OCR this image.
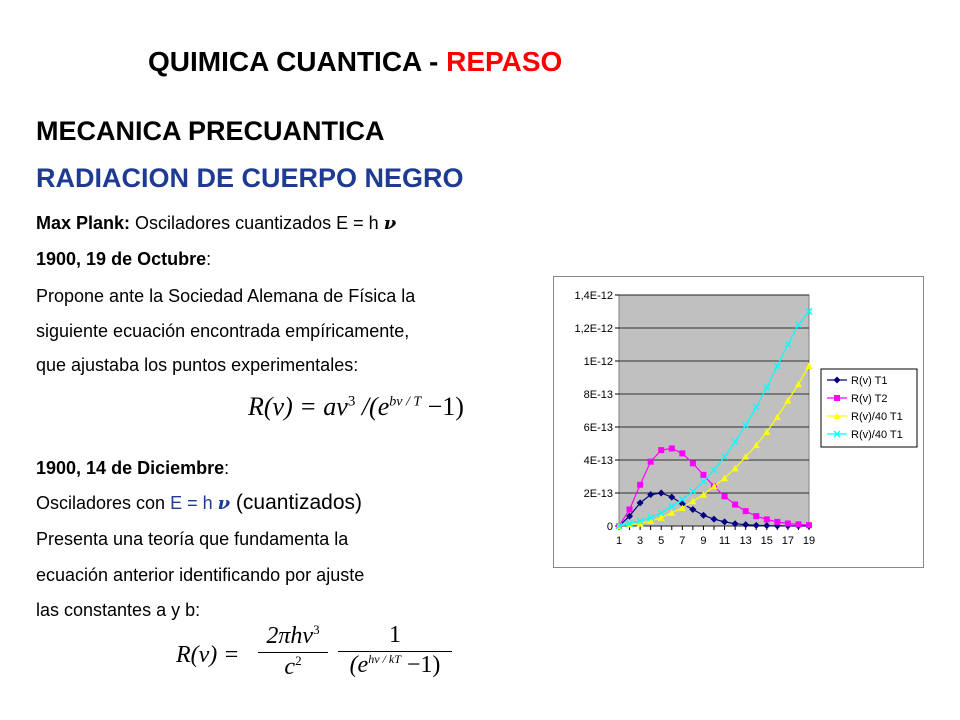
QUIMICA CUANTICA - REPASO
MECANICA PRECUANTICA
RADIACION DE CUERPO NEGRO
Max Plank: Osciladores cuantizados E = h ν
1900, 19 de Octubre:
Propone ante la Sociedad Alemana de Física la
siguiente ecuación encontrada empíricamente,
que ajustaba los puntos experimentales:
$R(\nu) = a\nu^3$ $/(e^{b\nu / T} -1)$
1900, 14 de Diciembre:
Osciladores con E = h ν (cuantizados)
Presenta una teoría que fundamenta la
ecuación anterior identificando por ajuste
las constantes a y b:
R(ν) =
2πhν$^3$
$c^2$
1
$(e^{h\nu / kT} -1)$
0
2E-13
4E-13
6E-13
8E-13
1E-12
1,2E-12
1,4E-12
1 3 5 7 9 11 13 15 17 19
R(v) T1
R(v) T2
R(v)/40 T1
R(v)/40 T1
